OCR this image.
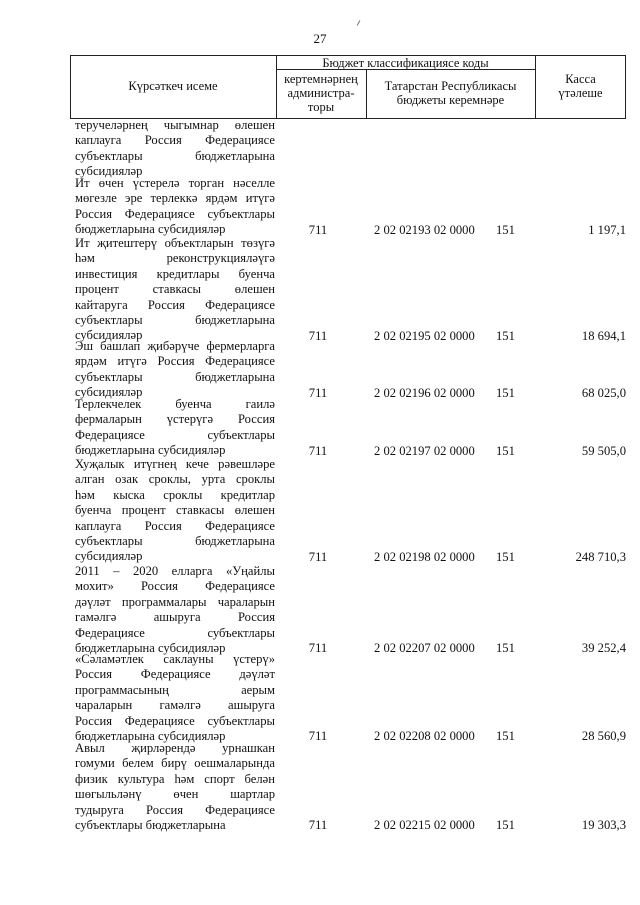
27
Күрсәткеч исеме
Бюджет классификациясе коды
кертемнәрнең
администра-
торы
Татарстан Республикасы
бюджеты керемнәре
Касса
үтәлеше
теручеләрнең чыгымнар өлешен
каплауга Россия Федерациясе
субъектлары бюджетларына
субсидияләр
Ит өчен үстерелә торган нәселле
мөгезле эре терлеккә ярдәм итүгә
Россия Федерациясе субъектлары
бюджетларына субсидияләр	711	2 02 02193 02 0000 151	1 197,1
Ит җитештерү объектларын төзүгә
һәм реконструкцияләүгә
инвестиция кредитлары буенча
процент ставкасы өлешен
кайтаруга Россия Федерациясе
субъектлары бюджетларына
субсидияләр	711	2 02 02195 02 0000 151	18 694,1
Эш башлап җибәрүче фермерларга
ярдәм итүгә Россия Федерациясе
субъектлары бюджетларына
субсидияләр	711	2 02 02196 02 0000 151	68 025,0
Терлекчелек буенча гаилә
фермаларын үстерүгә Россия
Федерациясе субъектлары
бюджетларына субсидияләр	711	2 02 02197 02 0000 151	59 505,0
Хуҗалык итүгнең кече рәвешләре
алган озак сроклы, урта сроклы
һәм кыска сроклы кредитлар
буенча процент ставкасы өлешен
каплауга Россия Федерациясе
субъектлары бюджетларына
субсидияләр	711	2 02 02198 02 0000 151	248 710,3
2011 – 2020 елларга «Уңайлы
мохит» Россия Федерациясе
дәүләт программалары чараларын
гамәлгә ашыруга Россия
Федерациясе субъектлары
бюджетларына субсидияләр	711	2 02 02207 02 0000 151	39 252,4
«Сәламәтлек саклауны үстерү»
Россия Федерациясе дәүләт
программасының аерым
чараларын гамәлгә ашыруга
Россия Федерациясе субъектлары
бюджетларына субсидияләр	711	2 02 02208 02 0000 151	28 560,9
Авыл җирләрендә урнашкан
гомуми белем бирү оешмаларында
физик культура һәм спорт белән
шөгыльләнү өчен шартлар
тудыруга Россия Федерациясе
субъектлары бюджетларына	711	2 02 02215 02 0000 151	19 303,3
